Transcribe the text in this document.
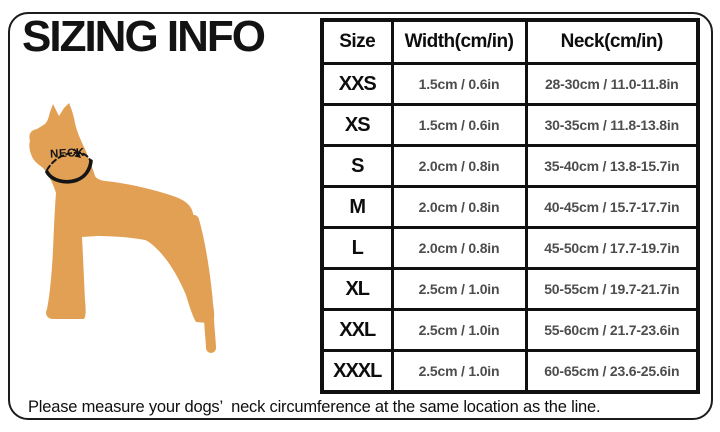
SIZING INFO
NECK
Size	Width(cm/in)	Neck(cm/in)
XXS	1.5cm / 0.6in	28-30cm / 11.0-11.8in
XS	1.5cm / 0.6in	30-35cm / 11.8-13.8in
S	2.0cm / 0.8in	35-40cm / 13.8-15.7in
M	2.0cm / 0.8in	40-45cm / 15.7-17.7in
L	2.0cm / 0.8in	45-50cm / 17.7-19.7in
XL	2.5cm / 1.0in	50-55cm / 19.7-21.7in
XXL	2.5cm / 1.0in	55-60cm / 21.7-23.6in
XXXL	2.5cm / 1.0in	60-65cm / 23.6-25.6in
Please measure your dogs’  neck circumference at the same location as the line.
